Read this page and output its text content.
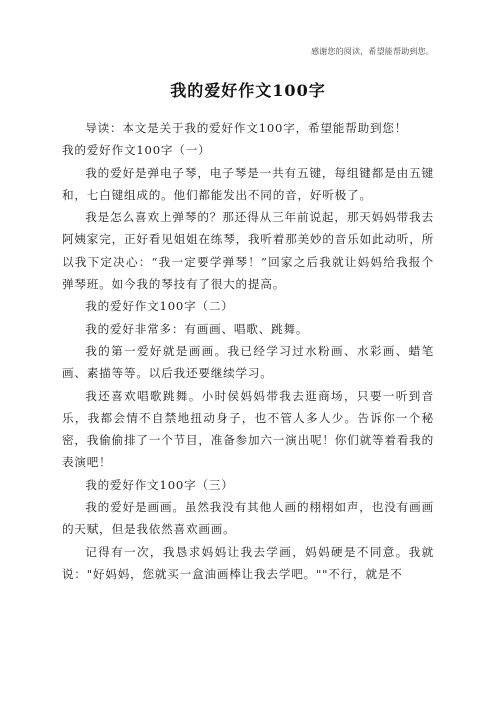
感谢您的阅读，希望能帮助到您。
我的爱好作文100字

导读：本文是关于我的爱好作文100字，希望能帮助到您！

我的爱好作文100字（一）

我的爱好是弹电子琴，电子琴是一共有五键，每组键都是由五键和，七白键组成的。他们都能发出不同的音，好听极了。

我是怎么喜欢上弹琴的？那还得从三年前说起，那天妈妈带我去阿姨家完，正好看见姐姐在练琴，我听着那美妙的音乐如此动听，所以我下定决心：“我一定要学弹琴！”回家之后我就让妈妈给我报个弹琴班。如今我的琴技有了很大的提高。

我的爱好作文100字（二）

我的爱好非常多：有画画、唱歌、跳舞。

我的第一爱好就是画画。我已经学习过水粉画、水彩画、蜡笔画、素描等等。以后我还要继续学习。

我还喜欢唱歌跳舞。小时侯妈妈带我去逛商场，只要一听到音乐，我都会情不自禁地扭动身子，也不管人多人少。告诉你一个秘密，我偷偷排了一个节目，准备参加六一演出呢！你们就等着看我的表演吧！

我的爱好作文100字（三）

我的爱好是画画。虽然我没有其他人画的栩栩如声，也没有画画的天赋，但是我依然喜欢画画。

记得有一次，我恳求妈妈让我去学画，妈妈硬是不同意。我就说："好妈妈，您就买一盒油画棒让我去学吧。""不行，就是不
